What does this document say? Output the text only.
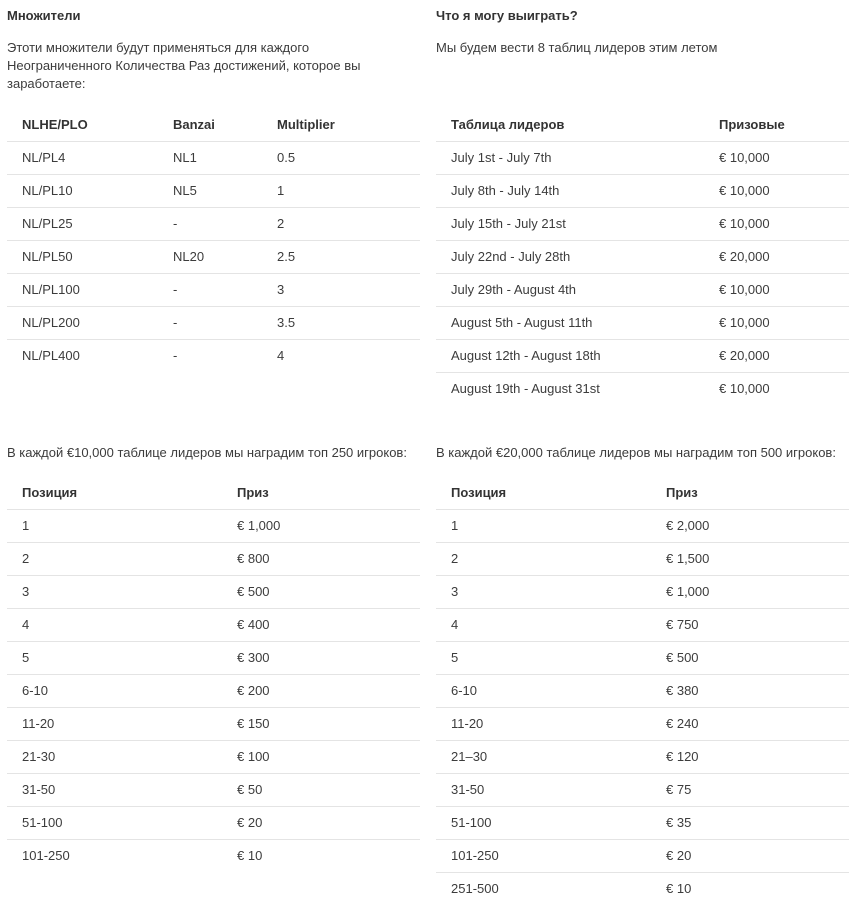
Множители
Этоти множители будут применяться для каждого Неограниченного Количества Раз достижений, которое вы заработаете:
NLHE/PLO	Banzai	Multiplier
NL/PL4	NL1	0.5
NL/PL10	NL5	1
NL/PL25	-	2
NL/PL50	NL20	2.5
NL/PL100	-	3
NL/PL200	-	3.5
NL/PL400	-	4
Что я могу выиграть?
Мы будем вести 8 таблиц лидеров этим летом
Таблица лидеров	Призовые
July 1st - July 7th	€ 10,000
July 8th - July 14th	€ 10,000
July 15th - July 21st	€ 10,000
July 22nd - July 28th	€ 20,000
July 29th - August 4th	€ 10,000
August 5th - August 11th	€ 10,000
August 12th - August 18th	€ 20,000
August 19th - August 31st	€ 10,000
В каждой €10,000 таблице лидеров мы наградим топ 250 игроков:
Позиция	Приз
1	€ 1,000
2	€ 800
3	€ 500
4	€ 400
5	€ 300
6-10	€ 200
11-20	€ 150
21-30	€ 100
31-50	€ 50
51-100	€ 20
101-250	€ 10
В каждой €20,000 таблице лидеров мы наградим топ 500 игроков:
Позиция	Приз
1	€ 2,000
2	€ 1,500
3	€ 1,000
4	€ 750
5	€ 500
6-10	€ 380
11-20	€ 240
21–30	€ 120
31-50	€ 75
51-100	€ 35
101-250	€ 20
251-500	€ 10
